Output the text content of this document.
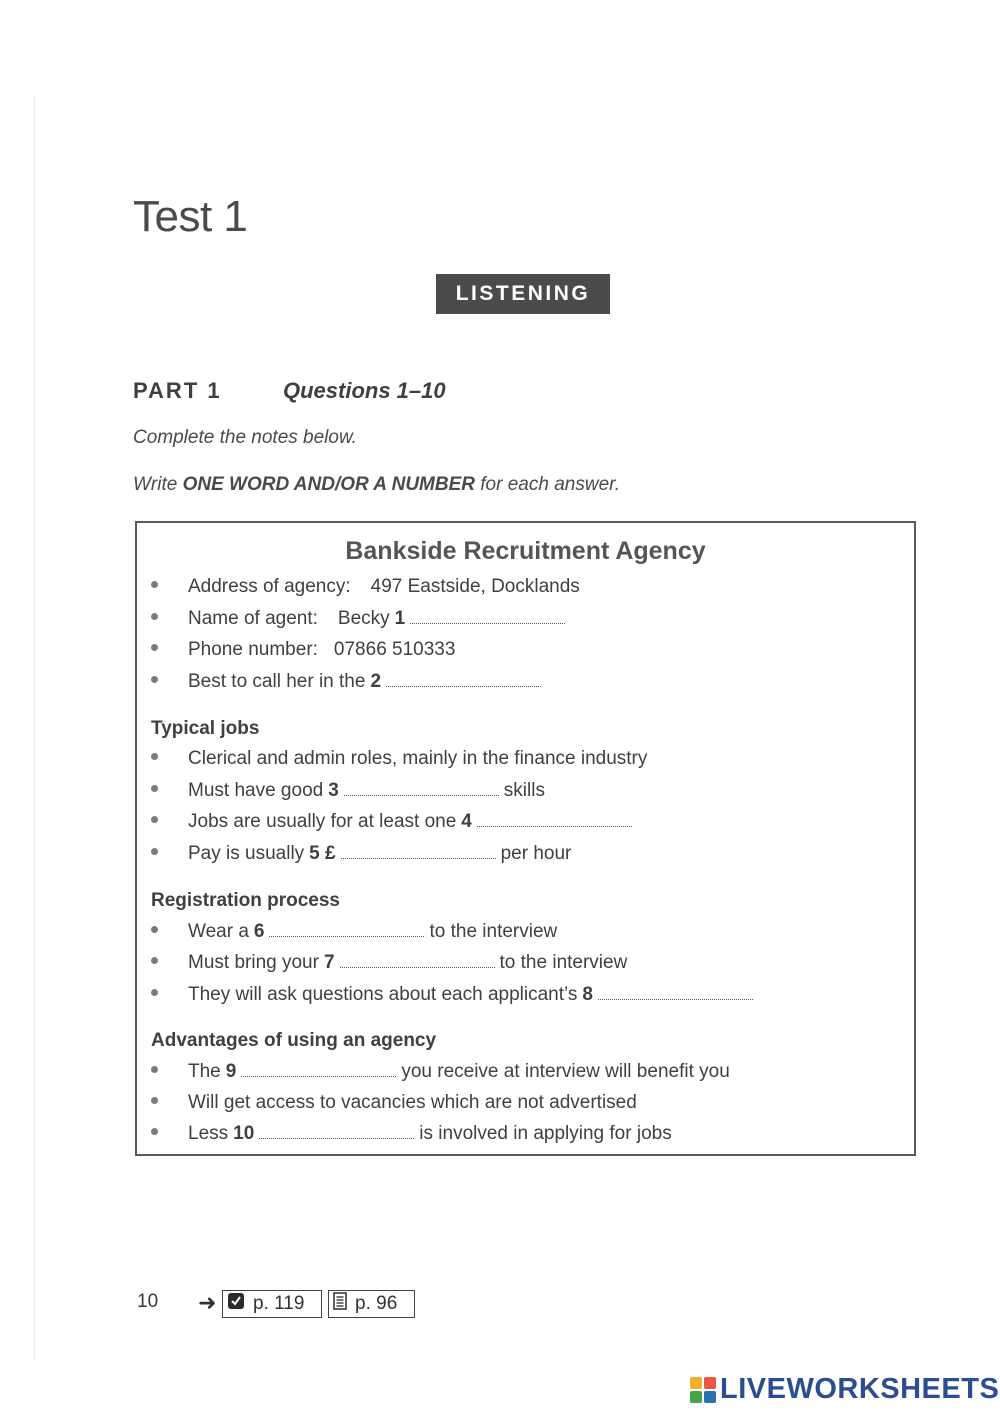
Test 1
LISTENING
PART 1	Questions 1–10
Complete the notes below.
Write ONE WORD AND/OR A NUMBER for each answer.
Bankside Recruitment Agency
Address of agency: 497 Eastside, Docklands
Name of agent: Becky 1
Phone number: 07866 510333
Best to call her in the 2
Typical jobs
Clerical and admin roles, mainly in the finance industry
Must have good 3	skills
Jobs are usually for at least one 4
Pay is usually 5 £	per hour
Registration process
Wear a 6	to the interview
Must bring your 7	to the interview
They will ask questions about each applicant’s 8
Advantages of using an agency
The 9	you receive at interview will benefit you
Will get access to vacancies which are not advertised
Less 10	is involved in applying for jobs
10 ➜ p. 119	p. 96
LIVEWORKSHEETS
